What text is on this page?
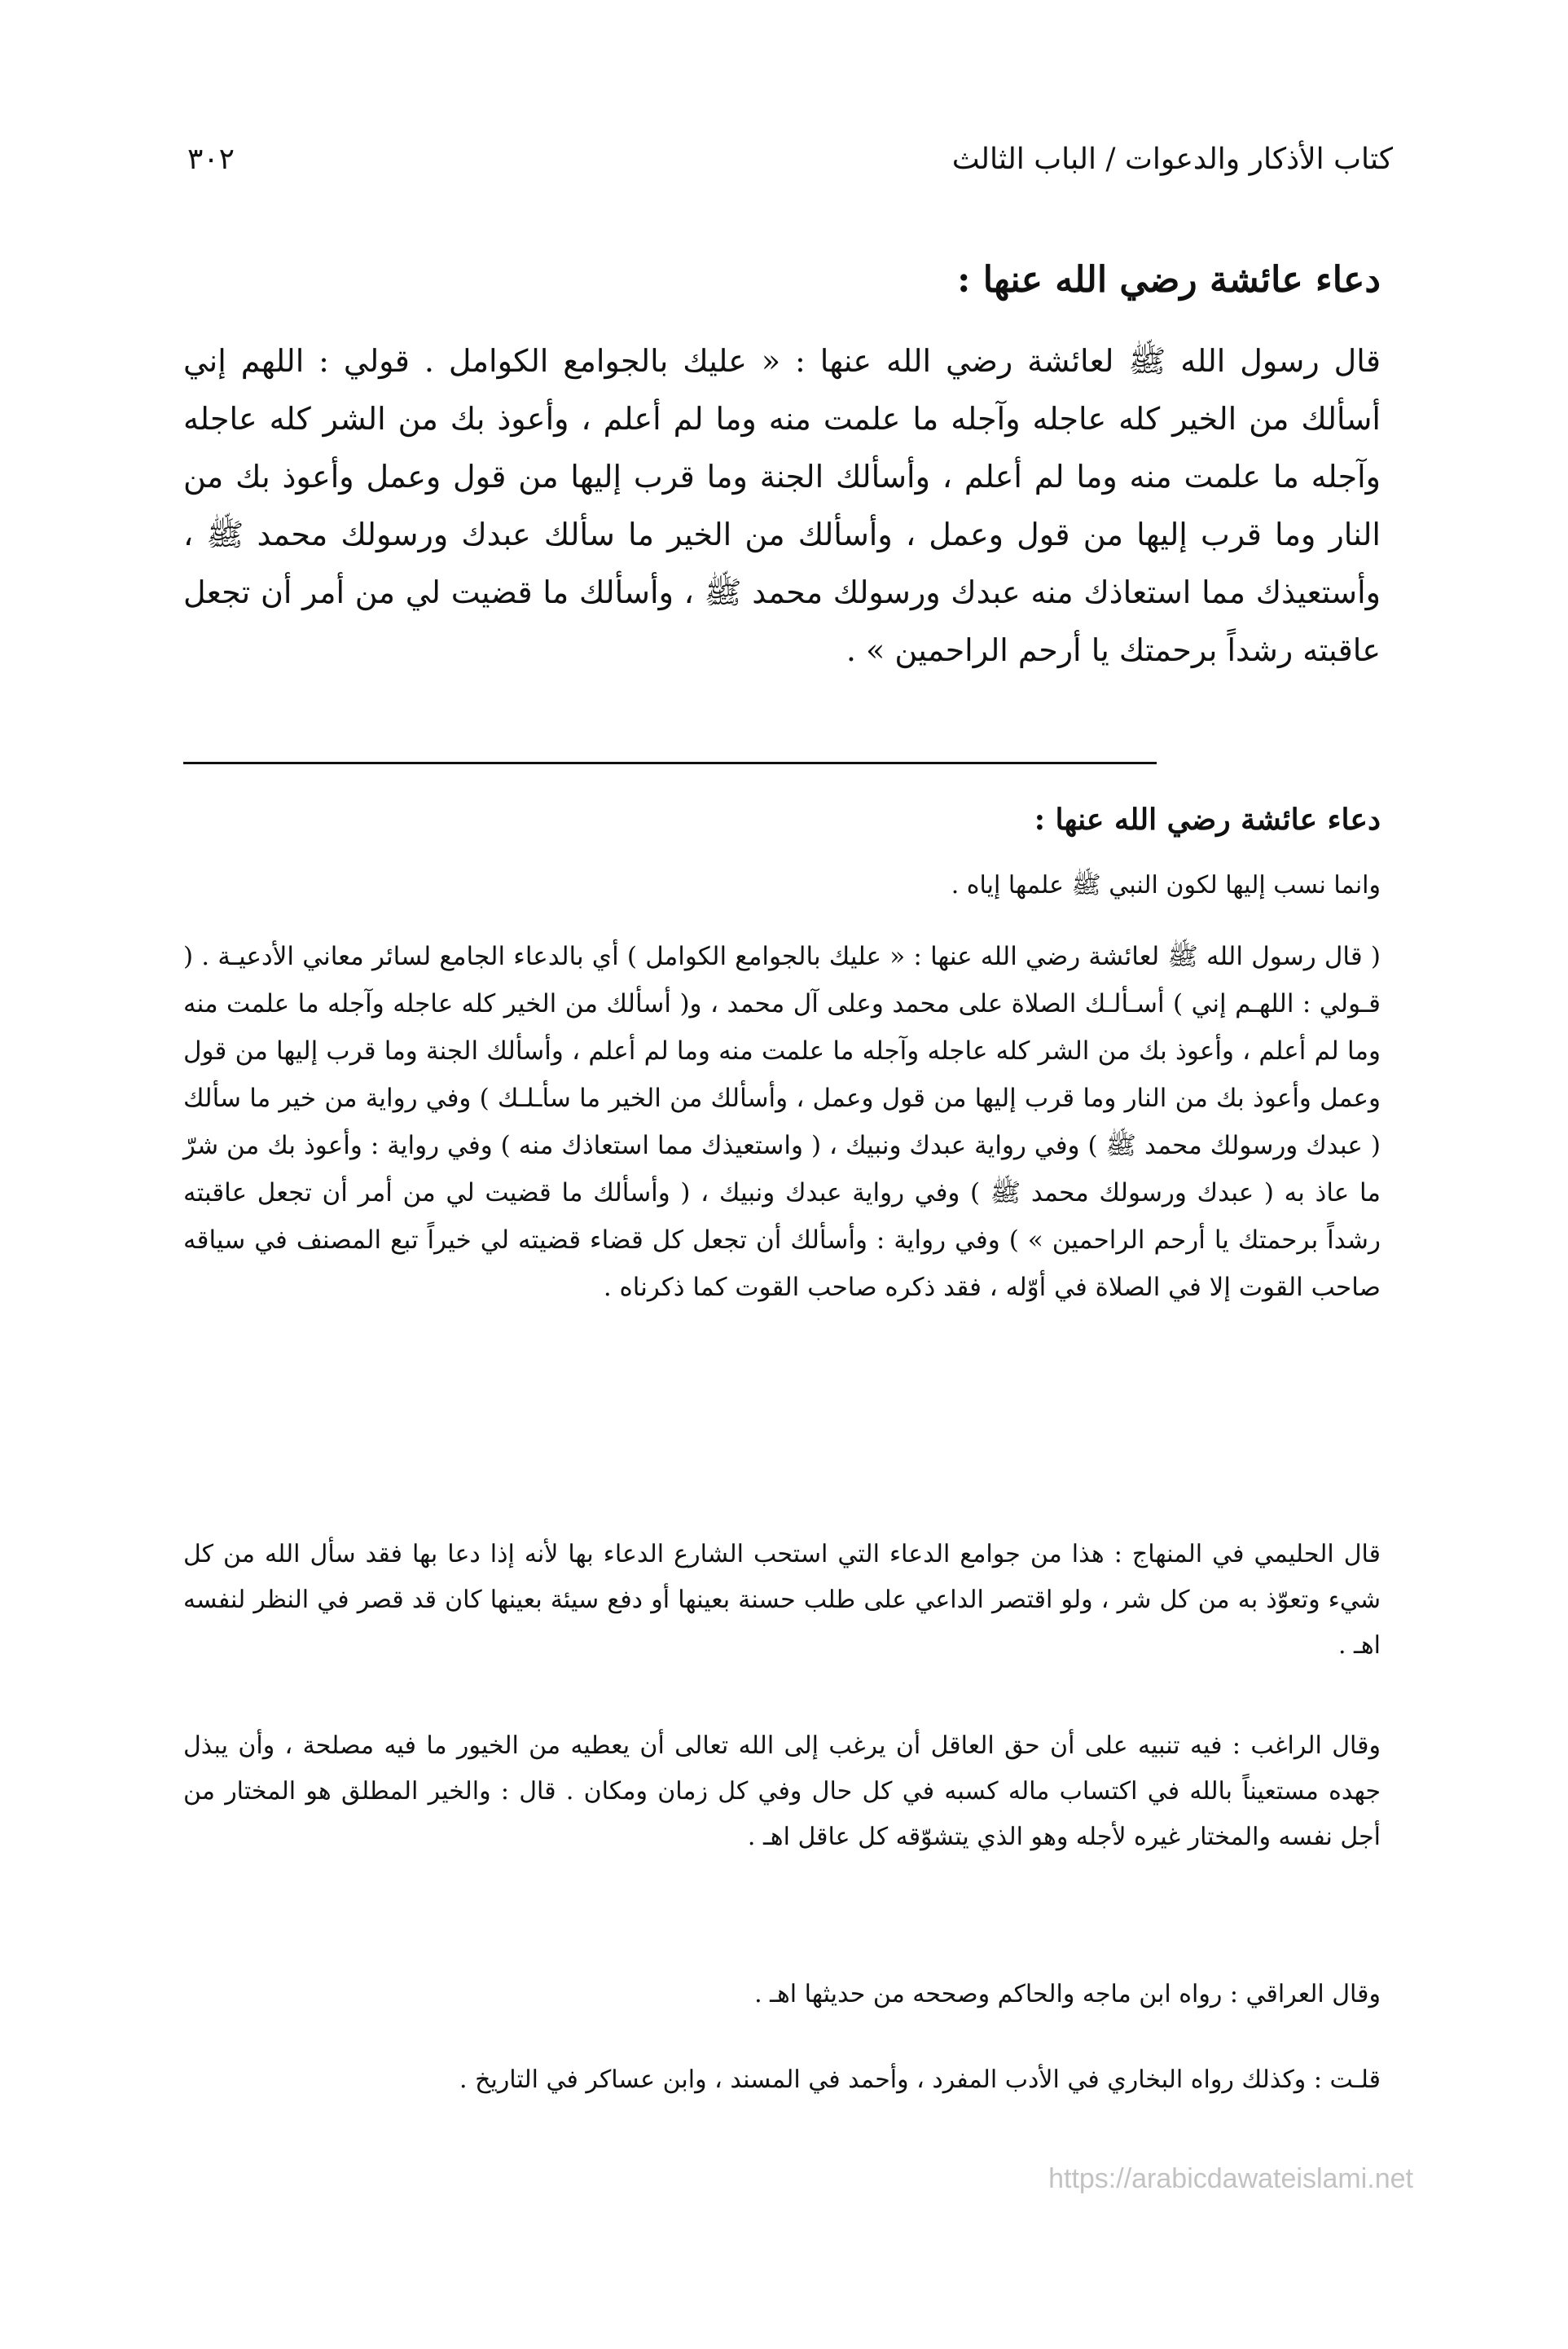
كتاب الأذكار والدعوات / الباب الثالث
٣٠٢
دعاء عائشة رضي الله عنها :

قال رسول الله ﷺ لعائشة رضي الله عنها : « عليك بالجوامع الكوامل . قولي : اللهم إني أسألك من الخير كله عاجله وآجله ما علمت منه وما لم أعلم ، وأعوذ بك من الشر كله عاجله وآجله ما علمت منه وما لم أعلم ، وأسألك الجنة وما قرب إليها من قول وعمل وأعوذ بك من النار وما قرب إليها من قول وعمل ، وأسألك من الخير ما سألك عبدك ورسولك محمد ﷺ ، وأستعيذك مما استعاذك منه عبدك ورسولك محمد ﷺ ، وأسألك ما قضيت لي من أمر أن تجعل عاقبته رشداً برحمتك يا أرحم الراحمين » .

دعاء عائشة رضي الله عنها :

وانما نسب إليها لكون النبي ﷺ علمها إياه .

( قال رسول الله ﷺ لعائشة رضي الله عنها : « عليك بالجوامع الكوامل ) أي بالدعاء الجامع لسائر معاني الأدعيـة . ( قـولي : اللهـم إني ) أسـألـك الصلاة على محمد وعلى آل محمد ، و( أسألك من الخير كله عاجله وآجله ما علمت منه وما لم أعلم ، وأعوذ بك من الشر كله عاجله وآجله ما علمت منه وما لم أعلم ، وأسألك الجنة وما قرب إليها من قول وعمل وأعوذ بك من النار وما قرب إليها من قول وعمل ، وأسألك من الخير ما سأـلـك ) وفي رواية من خير ما سألك ( عبدك ورسولك محمد ﷺ ) وفي رواية عبدك ونبيك ، ( واستعيذك مما استعاذك منه ) وفي رواية : وأعوذ بك من شرّ ما عاذ به ( عبدك ورسولك محمد ﷺ ) وفي رواية عبدك ونبيك ، ( وأسألك ما قضيت لي من أمر أن تجعل عاقبته رشداً برحمتك يا أرحم الراحمين » ) وفي رواية : وأسألك أن تجعل كل قضاء قضيته لي خيراً تبع المصنف في سياقه صاحب القوت إلا في الصلاة في أوّله ، فقد ذكره صاحب القوت كما ذكرناه .

قال الحليمي في المنهاج : هذا من جوامع الدعاء التي استحب الشارع الدعاء بها لأنه إذا دعا بها فقد سأل الله من كل شيء وتعوّذ به من كل شر ، ولو اقتصر الداعي على طلب حسنة بعينها أو دفع سيئة بعينها كان قد قصر في النظر لنفسه اهـ .

وقال الراغب : فيه تنبيه على أن حق العاقل أن يرغب إلى الله تعالى أن يعطيه من الخيور ما فيه مصلحة ، وأن يبذل جهده مستعيناً بالله في اكتساب ماله كسبه في كل حال وفي كل زمان ومكان . قال : والخير المطلق هو المختار من أجل نفسه والمختار غيره لأجله وهو الذي يتشوّقه كل عاقل اهـ .

وقال العراقي : رواه ابن ماجه والحاكم وصححه من حديثها اهـ .

قلـت : وكذلك رواه البخاري في الأدب المفرد ، وأحمد في المسند ، وابن عساكر في التاريخ .

https://arabicdawateislami.net
